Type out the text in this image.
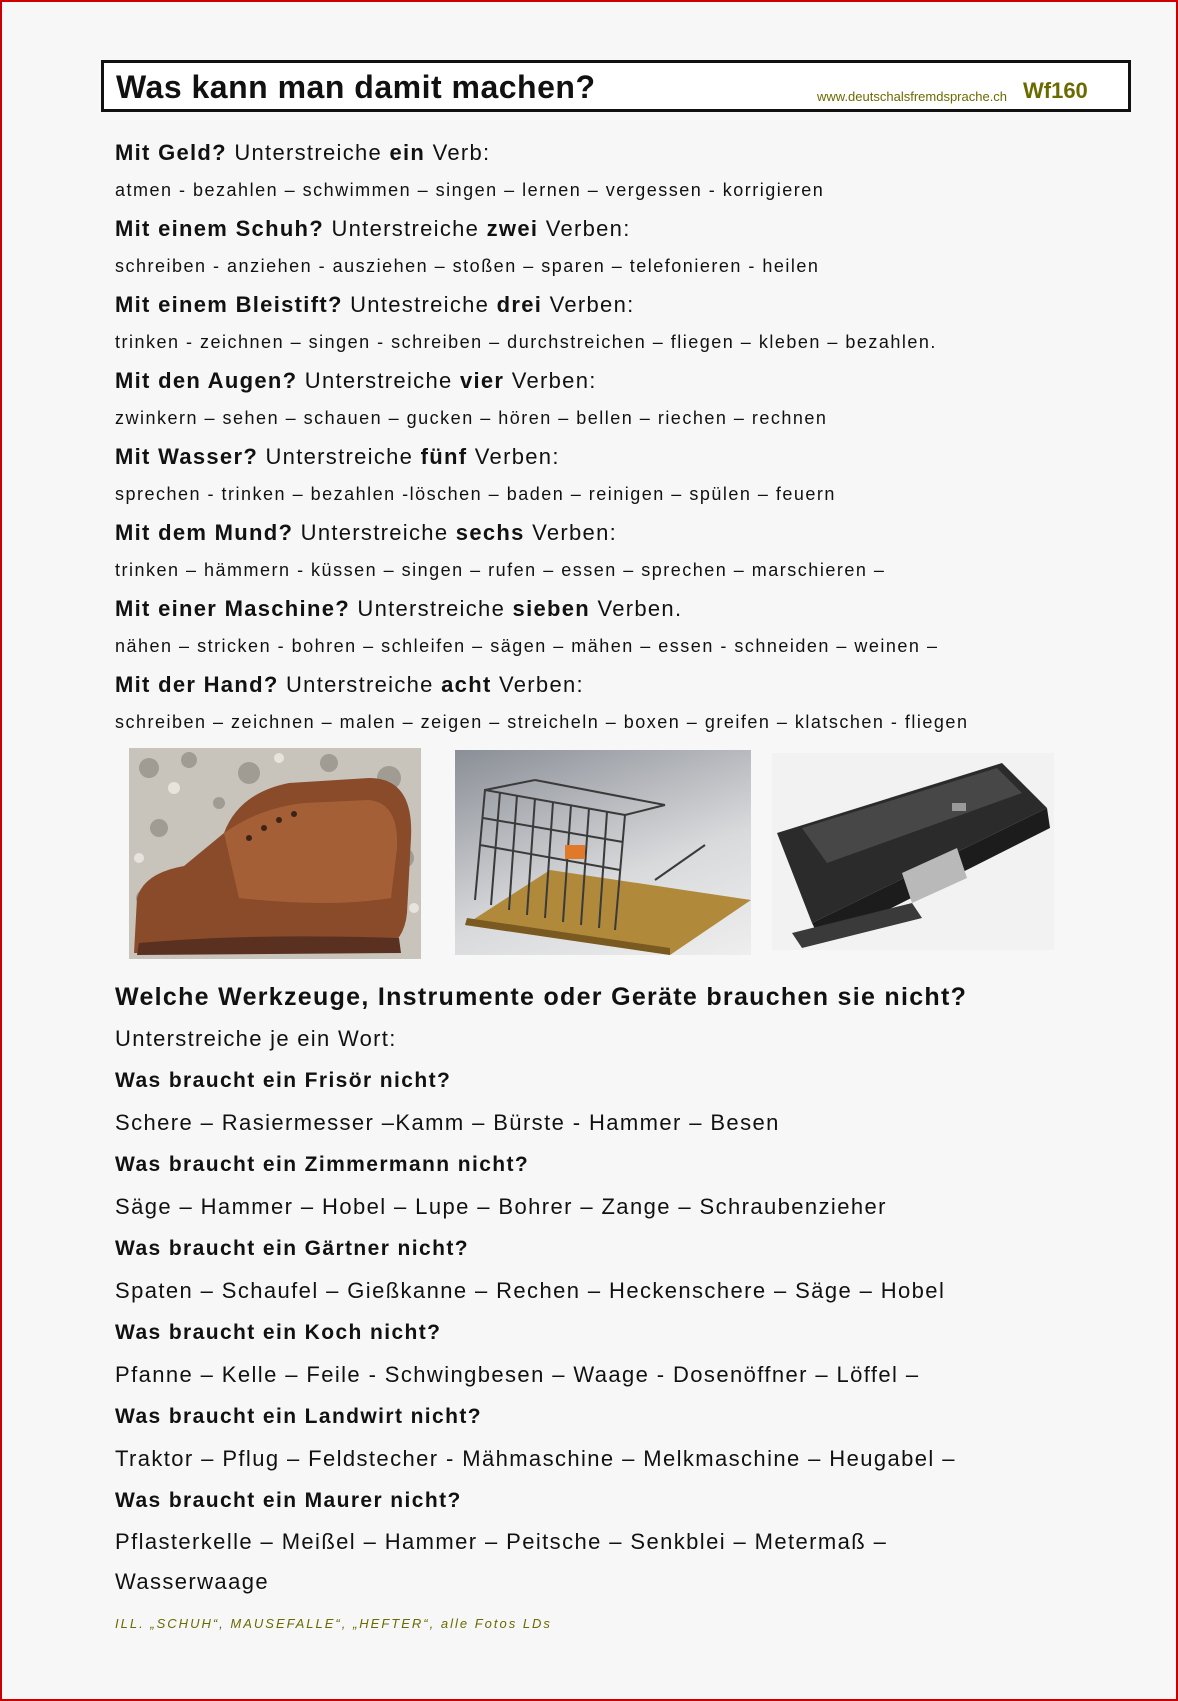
Was kann man damit machen?	www.deutschalsfremdsprache.ch Wf160
Mit Geld? Unterstreiche ein Verb:
atmen - bezahlen – schwimmen – singen – lernen – vergessen - korrigieren
Mit einem Schuh? Unterstreiche zwei Verben:
schreiben - anziehen - ausziehen – stoßen – sparen – telefonieren - heilen
Mit einem Bleistift? Untestreiche drei Verben:
trinken - zeichnen – singen - schreiben – durchstreichen – fliegen – kleben – bezahlen.
Mit den Augen? Unterstreiche vier Verben:
zwinkern – sehen – schauen – gucken – hören – bellen – riechen – rechnen
Mit Wasser? Unterstreiche fünf Verben:
sprechen - trinken – bezahlen -löschen – baden – reinigen – spülen – feuern
Mit dem Mund? Unterstreiche sechs Verben:
trinken – hämmern - küssen – singen – rufen – essen – sprechen – marschieren –
Mit einer Maschine? Unterstreiche sieben Verben.
nähen – stricken - bohren – schleifen – sägen – mähen – essen - schneiden – weinen –
Mit der Hand? Unterstreiche acht Verben:
schreiben – zeichnen – malen – zeigen – streicheln – boxen – greifen – klatschen - fliegen
Welche Werkzeuge, Instrumente oder Geräte brauchen sie nicht?
Unterstreiche je ein Wort:
Was braucht ein Frisör nicht?
Schere – Rasiermesser –Kamm – Bürste - Hammer – Besen
Was braucht ein Zimmermann nicht?
Säge – Hammer – Hobel – Lupe – Bohrer – Zange – Schraubenzieher
Was braucht ein Gärtner nicht?
Spaten – Schaufel – Gießkanne – Rechen – Heckenschere – Säge – Hobel
Was braucht ein Koch nicht?
Pfanne – Kelle – Feile - Schwingbesen – Waage - Dosenöffner – Löffel –
Was braucht ein Landwirt nicht?
Traktor – Pflug – Feldstecher - Mähmaschine – Melkmaschine – Heugabel –
Was braucht ein Maurer nicht?
Pflasterkelle – Meißel – Hammer – Peitsche – Senkblei – Metermaß –
Wasserwaage
ILL. „SCHUH“, MAUSEFALLE“, „HEFTER“, alle Fotos LDs
